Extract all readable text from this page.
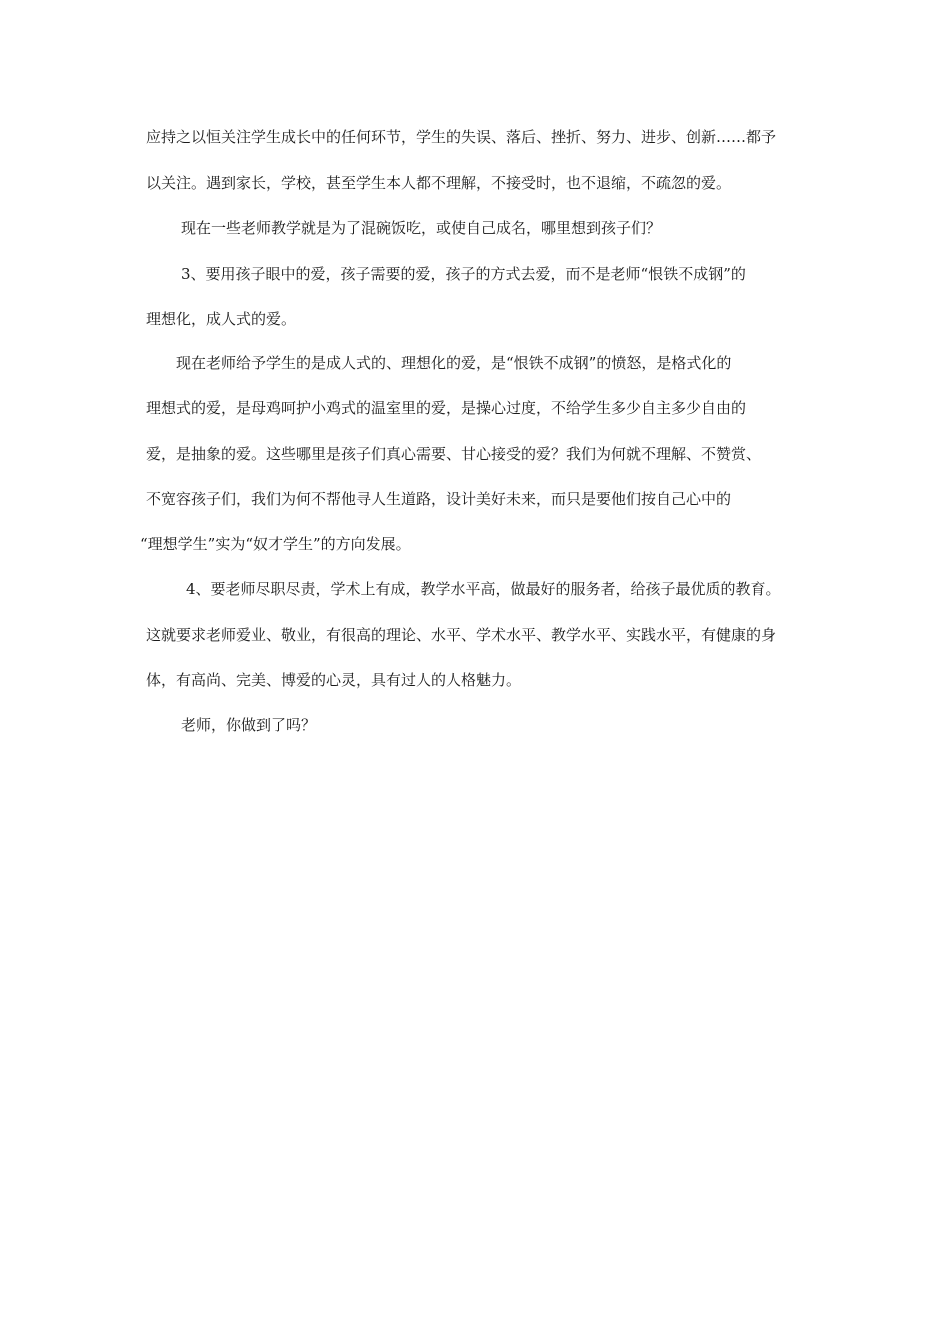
应持之以恒关注学生成长中的任何环节，学生的失误、落后、挫折、努力、进步、创新……都予
以关注。遇到家长，学校，甚至学生本人都不理解，不接受时，也不退缩，不疏忽的爱。
现在一些老师教学就是为了混碗饭吃，或使自己成名，哪里想到孩子们？
3、要用孩子眼中的爱，孩子需要的爱，孩子的方式去爱，而不是老师“恨铁不成钢”的
理想化，成人式的爱。
现在老师给予学生的是成人式的、理想化的爱，是“恨铁不成钢”的愤怒，是格式化的
理想式的爱，是母鸡呵护小鸡式的温室里的爱，是操心过度，不给学生多少自主多少自由的
爱，是抽象的爱。这些哪里是孩子们真心需要、甘心接受的爱？我们为何就不理解、不赞赏、
不宽容孩子们，我们为何不帮他寻人生道路，设计美好未来，而只是要他们按自己心中的
“理想学生”实为“奴才学生”的方向发展。
4、要老师尽职尽责，学术上有成，教学水平高，做最好的服务者，给孩子最优质的教育。
这就要求老师爱业、敬业，有很高的理论、水平、学术水平、教学水平、实践水平，有健康的身
体，有高尚、完美、博爱的心灵，具有过人的人格魅力。
老师，你做到了吗？
